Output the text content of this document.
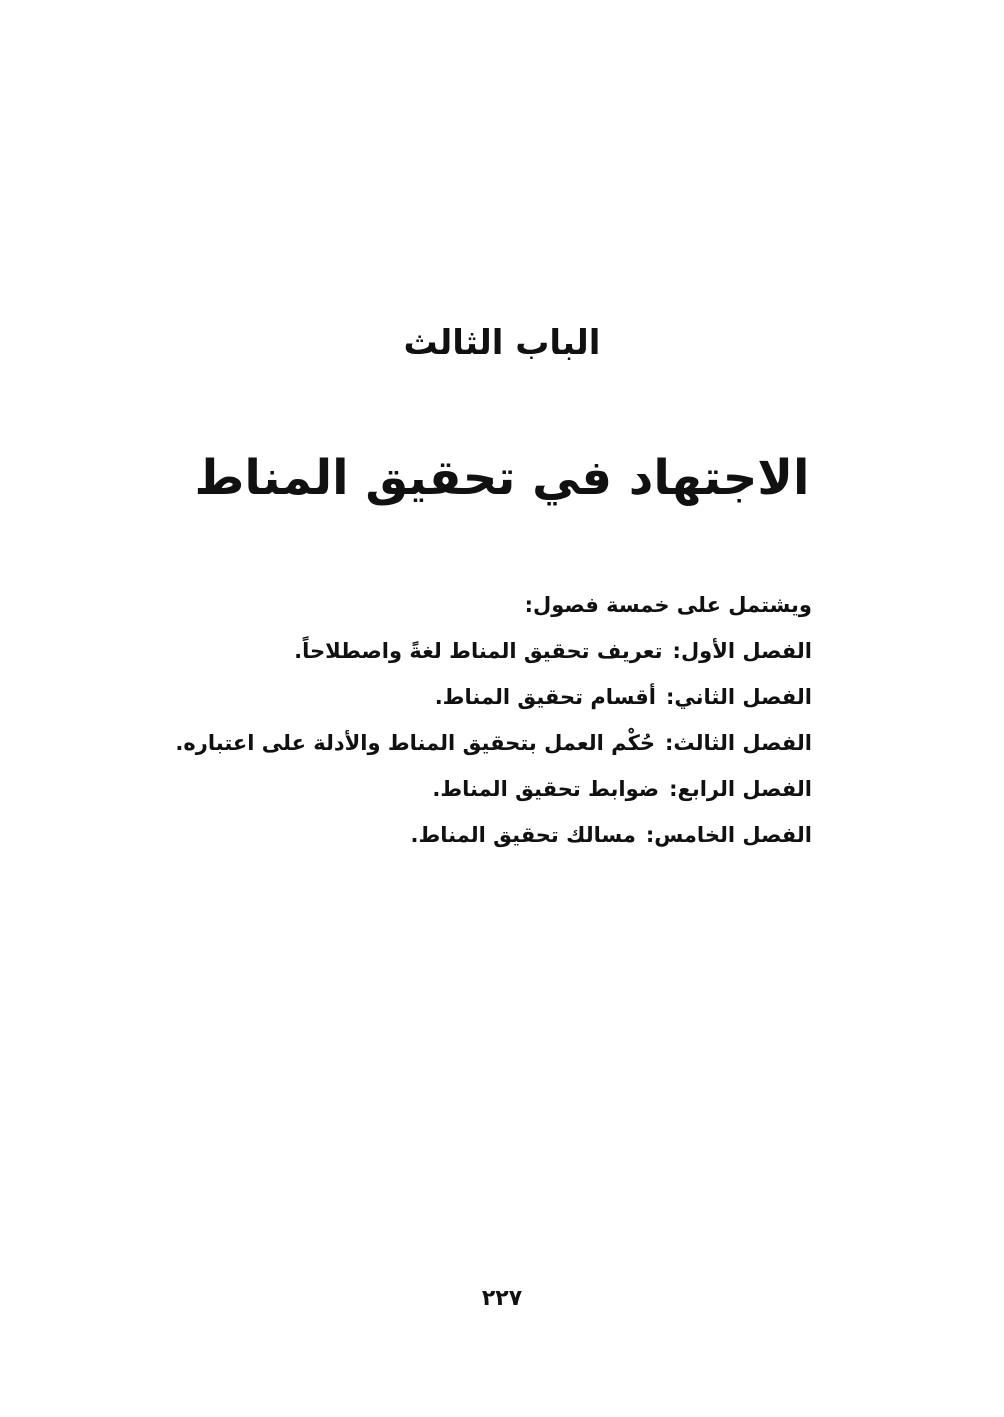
الباب الثالث
الاجتهاد في تحقيق المناط
ويشتمل على خمسة فصول:
الفصل الأول:تعريف تحقيق المناط لغةً واصطلاحاً.
الفصل الثاني:أقسام تحقيق المناط.
الفصل الثالث:حُكْم العمل بتحقيق المناط والأدلة على اعتباره.
الفصل الرابع:ضوابط تحقيق المناط.
الفصل الخامس:مسالك تحقيق المناط.
٢٢٧
